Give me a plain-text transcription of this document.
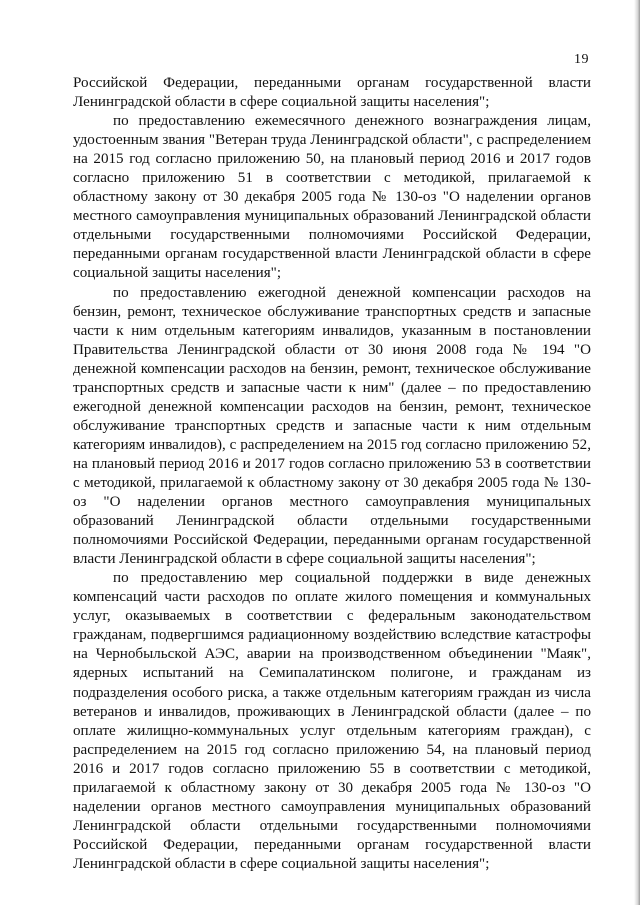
19

Российской Федерации, переданными органам государственной власти Ленинградской области в сфере социальной защиты населения";

по предоставлению ежемесячного денежного вознаграждения лицам, удостоенным звания "Ветеран труда Ленинградской области", с распределением на 2015 год согласно приложению 50, на плановый период 2016 и 2017 годов согласно приложению 51 в соответствии с методикой, прилагаемой к областному закону от 30 декабря 2005 года № 130-оз "О наделении органов местного самоуправления муниципальных образований Ленинградской области отдельными государственными полномочиями Российской Федерации, переданными органам государственной власти Ленинградской области в сфере социальной защиты населения";

по предоставлению ежегодной денежной компенсации расходов на бензин, ремонт, техническое обслуживание транспортных средств и запасные части к ним отдельным категориям инвалидов, указанным в постановлении Правительства Ленинградской области от 30 июня 2008 года № 194 "О денежной компенсации расходов на бензин, ремонт, техническое обслуживание транспортных средств и запасные части к ним" (далее – по предоставлению ежегодной денежной компенсации расходов на бензин, ремонт, техническое обслуживание транспортных средств и запасные части к ним отдельным категориям инвалидов), с распределением на 2015 год согласно приложению 52, на плановый период 2016 и 2017 годов согласно приложению 53 в соответствии с методикой, прилагаемой к областному закону от 30 декабря 2005 года № 130-оз "О наделении органов местного самоуправления муниципальных образований Ленинградской области отдельными государственными полномочиями Российской Федерации, переданными органам государственной власти Ленинградской области в сфере социальной защиты населения";

по предоставлению мер социальной поддержки в виде денежных компенсаций части расходов по оплате жилого помещения и коммунальных услуг, оказываемых в соответствии с федеральным законодательством гражданам, подвергшимся радиационному воздействию вследствие катастрофы на Чернобыльской АЭС, аварии на производственном объединении "Маяк", ядерных испытаний на Семипалатинском полигоне, и гражданам из подразделения особого риска, а также отдельным категориям граждан из числа ветеранов и инвалидов, проживающих в Ленинградской области (далее – по оплате жилищно-коммунальных услуг отдельным категориям граждан), с распределением на 2015 год согласно приложению 54, на плановый период 2016 и 2017 годов согласно приложению 55 в соответствии с методикой, прилагаемой к областному закону от 30 декабря 2005 года № 130-оз "О наделении органов местного самоуправления муниципальных образований Ленинградской области отдельными государственными полномочиями Российской Федерации, переданными органам государственной власти Ленинградской области в сфере социальной защиты населения";
